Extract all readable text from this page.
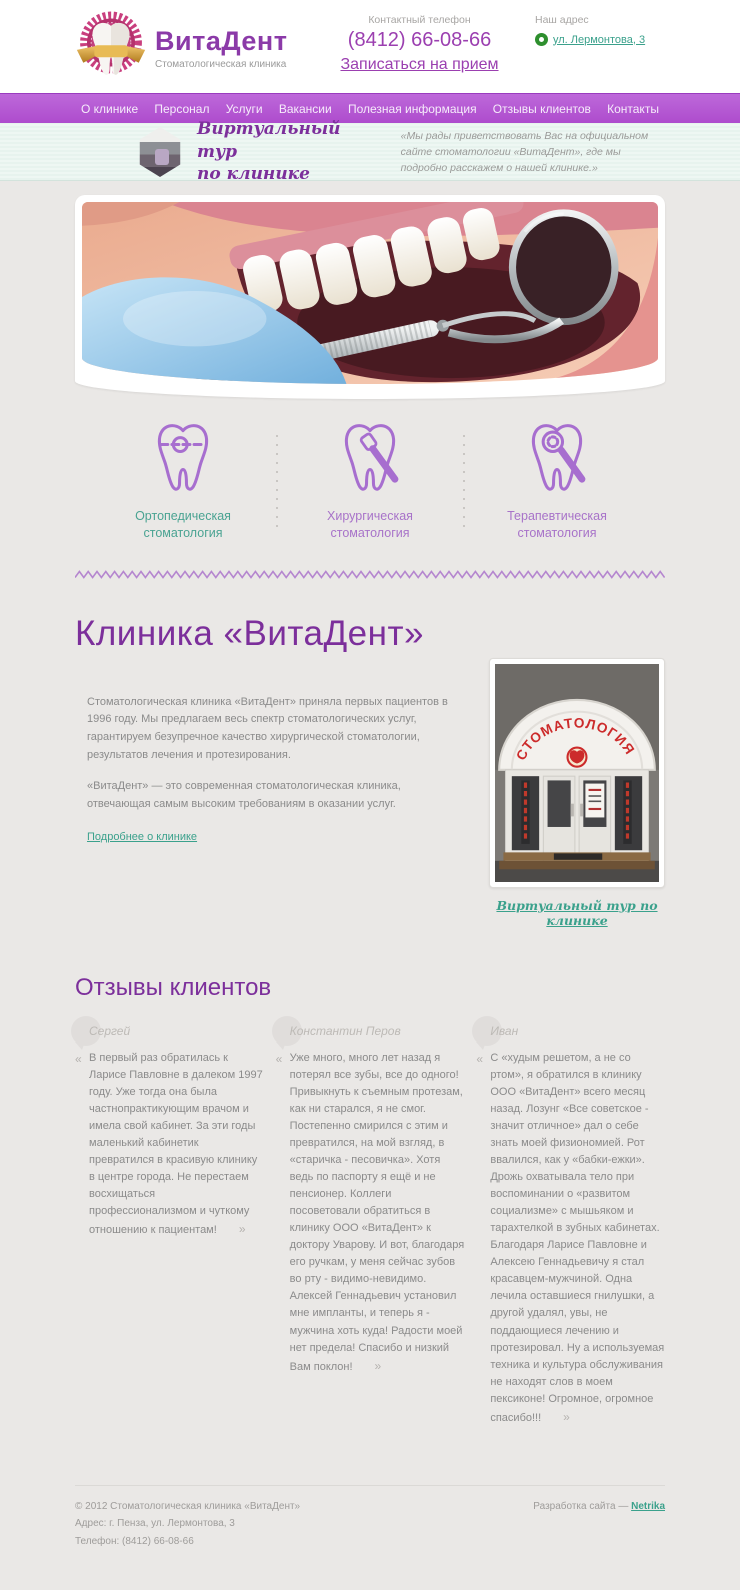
ВитаДент
Стоматологическая клиника
Контактный телефон
(8412) 66-08-66
Записаться на прием
Наш адрес
ул. Лермонтова, 3
О клинике Персонал Услуги Вакансии Полезная информация Отзывы клиентов Контакты
Виртуальный тур
по клинике
«Мы рады приветствовать Вас на официальном сайте стоматологии «ВитаДент», где мы подробно расскажем о нашей клинике.»
Ортопедическая
стоматология
Хирургическая
стоматология
Терапевтическая
стоматология
Клиника «ВитаДент»

Стоматологическая клиника «ВитаДент» приняла первых пациентов в 1996 году. Мы предлагаем весь спектр стоматологических услуг, гарантируем безупречное качество хирургической стоматологии, результатов лечения и протезирования.

«ВитаДент» — это современная стоматологическая клиника, отвечающая самым высоким требованиям в оказании услуг.

Подробнее о клинике
СТОМАТОЛОГИЯ
Виртуальный тур по клинике
Отзывы клиентов
Сергей
« В первый раз обратилась к Ларисе Павловне в далеком 1997 году. Уже тогда она была частнопрактикующим врачом и имела свой кабинет. За эти годы маленький кабинетик превратился в красивую клинику в центре города. Не перестаем восхищаться профессионализмом и чуткому отношению к пациентам! »
Константин Перов
« Уже много, много лет назад я потерял все зубы, все до одного! Привыкнуть к съемным протезам, как ни старался, я не смог. Постепенно смирился с этим и превратился, на мой взгляд, в «старичка - песовичка». Хотя ведь по паспорту я ещё и не пенсионер. Коллеги посоветовали обратиться в клинику ООО «ВитаДент» к доктору Уварову. И вот, благодаря его ручкам, у меня сейчас зубов во рту - видимо-невидимо. Алексей Геннадьевич установил мне импланты, и теперь я - мужчина хоть куда! Радости моей нет предела! Спасибо и низкий Вам поклон! »
Иван
« С «худым решетом, а не со ртом», я обратился в клинику ООО «ВитаДент» всего месяц назад. Лозунг «Все советское - значит отличное» дал о себе знать моей физиономией. Рот ввалился, как у «бабки-ежки». Дрожь охватывала тело при воспоминании о «развитом социализме» с мышьяком и тарахтелкой в зубных кабинетах. Благодаря Ларисе Павловне и Алексею Геннадьевичу я стал красавцем-мужчиной. Одна лечила оставшиеся гнилушки, а другой удалял, увы, не поддающиеся лечению и протезировал. Ну а используемая техника и культура обслуживания не находят слов в моем пексиконе! Огромное, огромное спасибо!!! »
© 2012 Стоматологическая клиника «ВитаДент»
Адрес: г. Пенза, ул. Лермонтова, 3
Телефон: (8412) 66-08-66
Разработка сайта — Netrika
